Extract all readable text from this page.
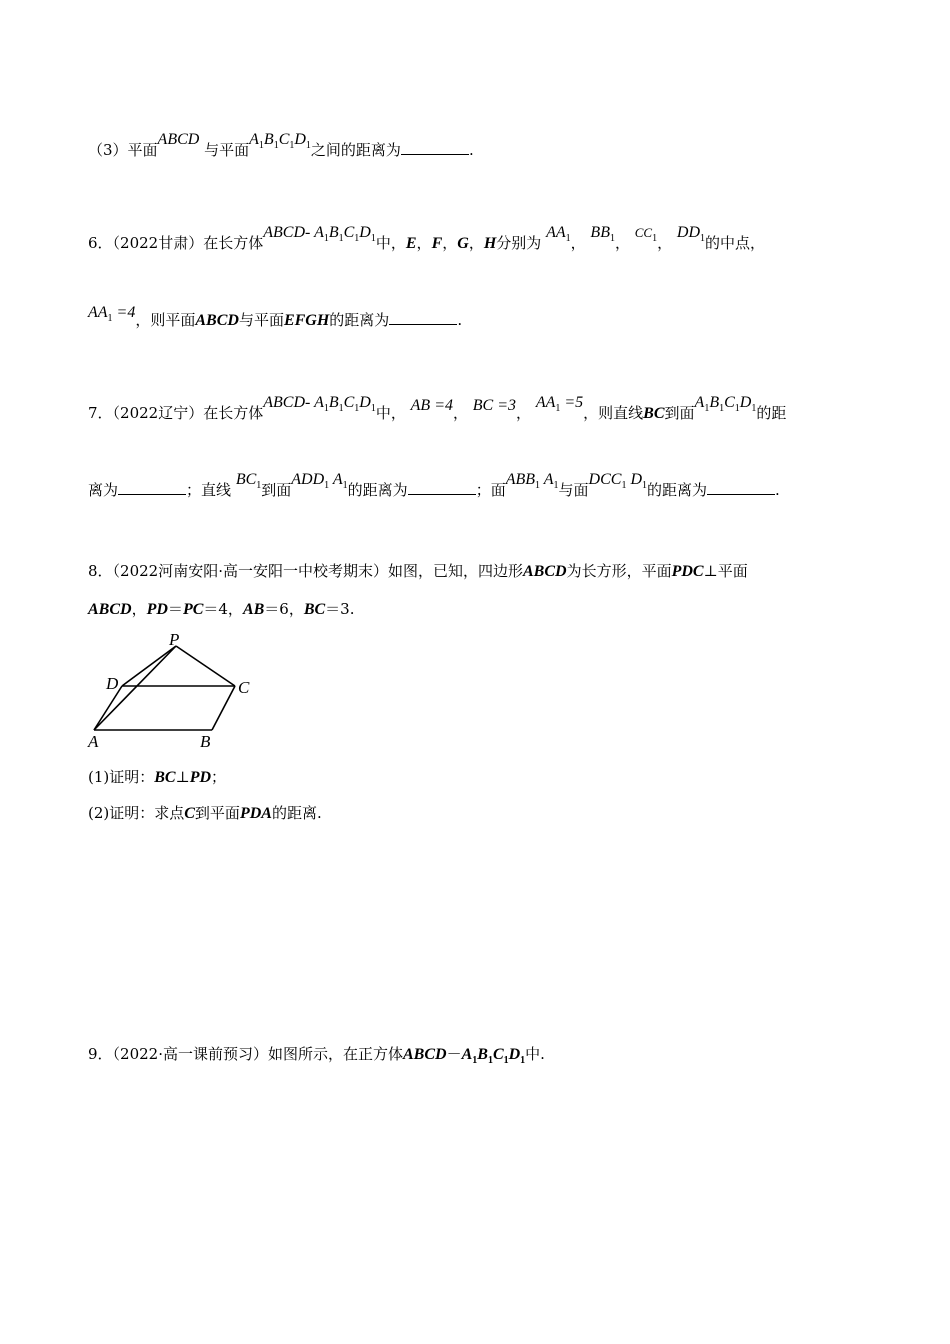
（3）平面ABCD 与平面$A_1B_1C_1D_1$之间的距离为	.
6．（2022甘肃）在长方体ABCD- $A_1B_1C_1D_1$中，E，F，G，H分别为 $AA_1$， $BB_1$， $CC_1$， $DD_1$的中点，
$AA_1 =4$，则平面ABCD与平面EFGH的距离为	.
7．（2022辽宁）在长方体ABCD- $A_1B_1C_1D_1$中， AB =4， BC =3， $AA_1 =5$，则直线BC到面$A_1B_1C_1D_1$的距
离为	；直线 $BC_1$到面$ADD_1$ $A_1$的距离为	；面$ABB_1$ $A_1$与面$DCC_1$ $D_1$的距离为	.
8．（2022河南安阳·高一安阳一中校考期末）如图，已知，四边形ABCD为长方形，平面PDC⊥平面
ABCD，PD＝PC＝4，AB＝6，BC＝3.
P
D	C
A	B
(1)证明：BC⊥PD；
(2)证明：求点C到平面PDA的距离.
9．（2022·高一课前预习）如图所示，在正方体$ABCD-A_1B_1C_1D_1$中.
